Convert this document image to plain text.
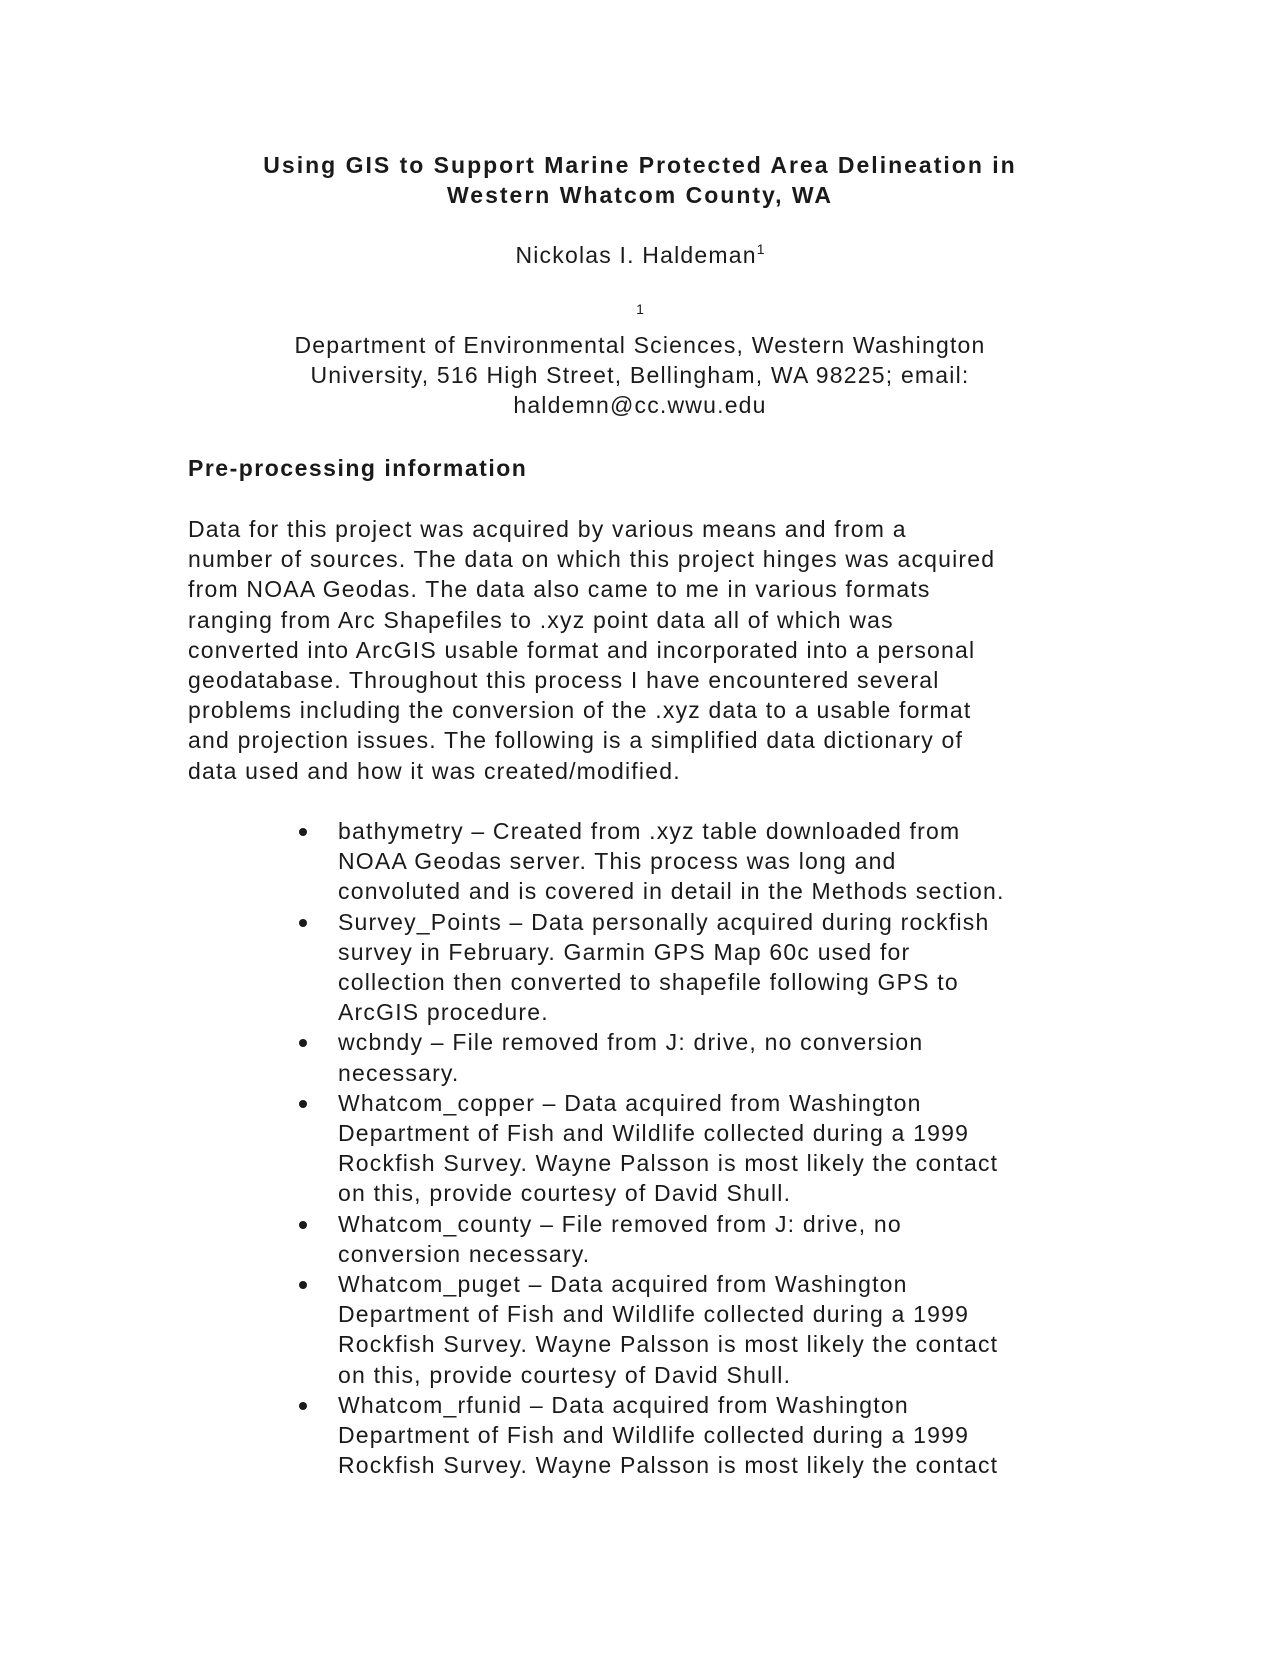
Using GIS to Support Marine Protected Area Delineation in
Western Whatcom County, WA

Nickolas I. Haldeman$^1$

$^1$
Department of Environmental Sciences, Western Washington
University, 516 High Street, Bellingham, WA 98225; email:
haldemn@cc.wwu.edu

Pre-processing information

Data for this project was acquired by various means and from a
number of sources. The data on which this project hinges was acquired
from NOAA Geodas. The data also came to me in various formats
ranging from Arc Shapefiles to .xyz point data all of which was
converted into ArcGIS usable format and incorporated into a personal
geodatabase. Throughout this process I have encountered several
problems including the conversion of the .xyz data to a usable format
and projection issues. The following is a simplified data dictionary of
data used and how it was created/modified.

bathymetry – Created from .xyz table downloaded from
NOAA Geodas server. This process was long and
convoluted and is covered in detail in the Methods section.
Survey_Points – Data personally acquired during rockfish
survey in February. Garmin GPS Map 60c used for
collection then converted to shapefile following GPS to
ArcGIS procedure.
wcbndy – File removed from J: drive, no conversion
necessary.
Whatcom_copper – Data acquired from Washington
Department of Fish and Wildlife collected during a 1999
Rockfish Survey. Wayne Palsson is most likely the contact
on this, provide courtesy of David Shull.
Whatcom_county – File removed from J: drive, no
conversion necessary.
Whatcom_puget – Data acquired from Washington
Department of Fish and Wildlife collected during a 1999
Rockfish Survey. Wayne Palsson is most likely the contact
on this, provide courtesy of David Shull.
Whatcom_rfunid – Data acquired from Washington
Department of Fish and Wildlife collected during a 1999
Rockfish Survey. Wayne Palsson is most likely the contact
